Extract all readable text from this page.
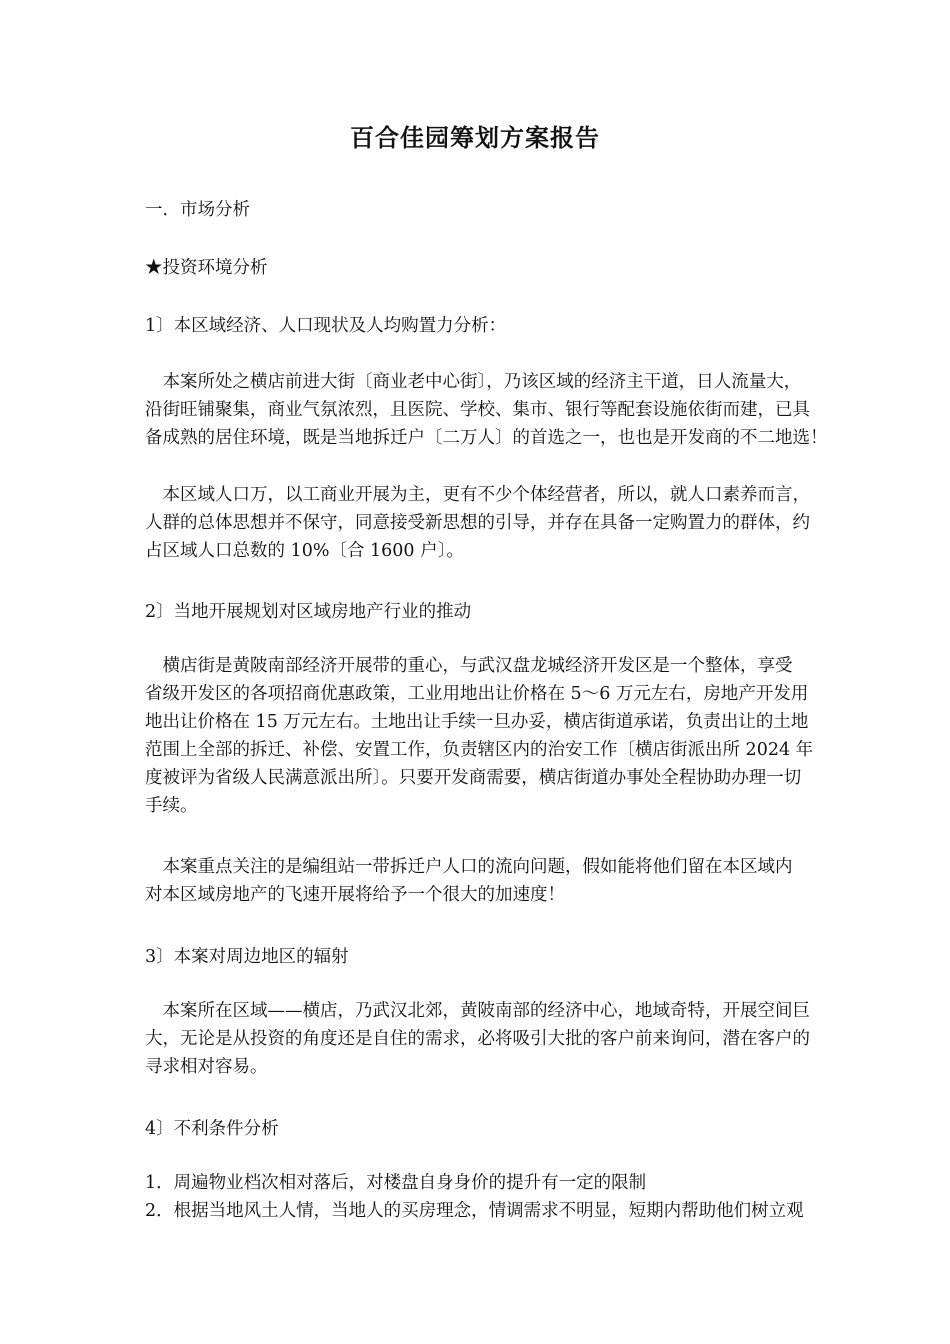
百合佳园筹划方案报告
一．市场分析
★投资环境分析
1〕本区域经济、人口现状及人均购置力分析：
　本案所处之横店前进大街〔商业老中心街〕，乃该区域的经济主干道，日人流量大，
沿街旺铺聚集，商业气氛浓烈，且医院、学校、集市、银行等配套设施依街而建，已具
备成熟的居住环境，既是当地拆迁户〔二万人〕的首选之一，也也是开发商的不二地选！
　本区域人口万，以工商业开展为主，更有不少个体经营者，所以，就人口素养而言，
人群的总体思想并不保守，同意接受新思想的引导，并存在具备一定购置力的群体，约
占区域人口总数的 10%〔合 1600 户〕。
2〕当地开展规划对区域房地产行业的推动
　横店街是黄陂南部经济开展带的重心，与武汉盘龙城经济开发区是一个整体，享受
省级开发区的各项招商优惠政策，工业用地出让价格在 5～6 万元左右，房地产开发用
地出让价格在 15 万元左右。土地出让手续一旦办妥，横店街道承诺，负责出让的土地
范围上全部的拆迁、补偿、安置工作，负责辖区内的治安工作〔横店街派出所 2024 年
度被评为省级人民满意派出所〕。只要开发商需要，横店街道办事处全程协助办理一切
手续。
　本案重点关注的是编组站一带拆迁户人口的流向问题，假如能将他们留在本区域内
对本区域房地产的飞速开展将给予一个很大的加速度！
3〕本案对周边地区的辐射
　本案所在区域——横店，乃武汉北郊，黄陂南部的经济中心，地域奇特，开展空间巨
大，无论是从投资的角度还是自住的需求，必将吸引大批的客户前来询问，潜在客户的
寻求相对容易。
4〕不利条件分析
1．周遍物业档次相对落后，对楼盘自身身价的提升有一定的限制
2．根据当地风土人情，当地人的买房理念，情调需求不明显，短期内帮助他们树立观
